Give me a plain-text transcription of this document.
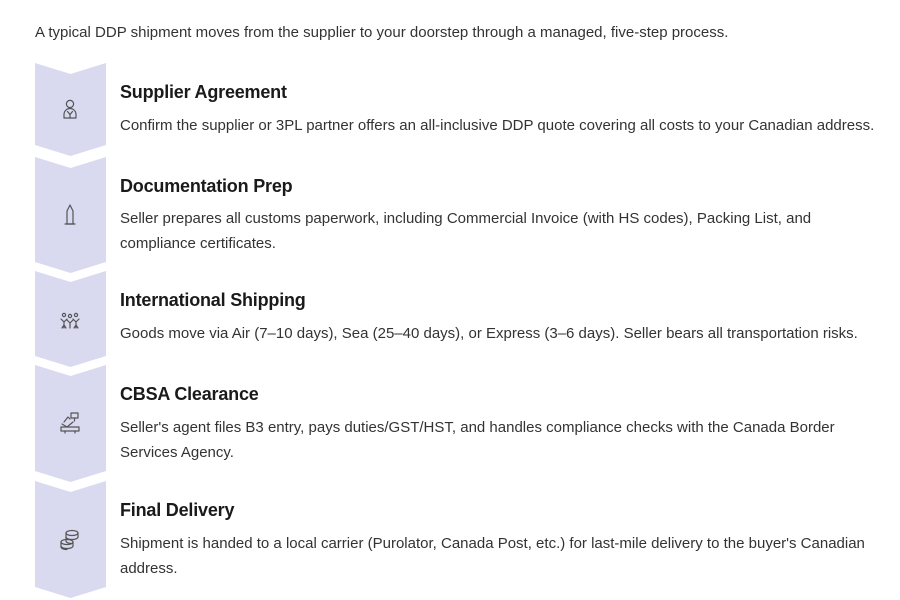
A typical DDP shipment moves from the supplier to your doorstep through a managed, five-step process.
Supplier Agreement
Confirm the supplier or 3PL partner offers an all-inclusive DDP quote covering all costs to your Canadian address.
Documentation Prep
Seller prepares all customs paperwork, including Commercial Invoice (with HS codes), Packing List, and compliance certificates.
International Shipping
Goods move via Air (7–10 days), Sea (25–40 days), or Express (3–6 days). Seller bears all transportation risks.
CBSA Clearance
Seller's agent files B3 entry, pays duties/GST/HST, and handles compliance checks with the Canada Border Services Agency.
Final Delivery
Shipment is handed to a local carrier (Purolator, Canada Post, etc.) for last-mile delivery to the buyer's Canadian address.
